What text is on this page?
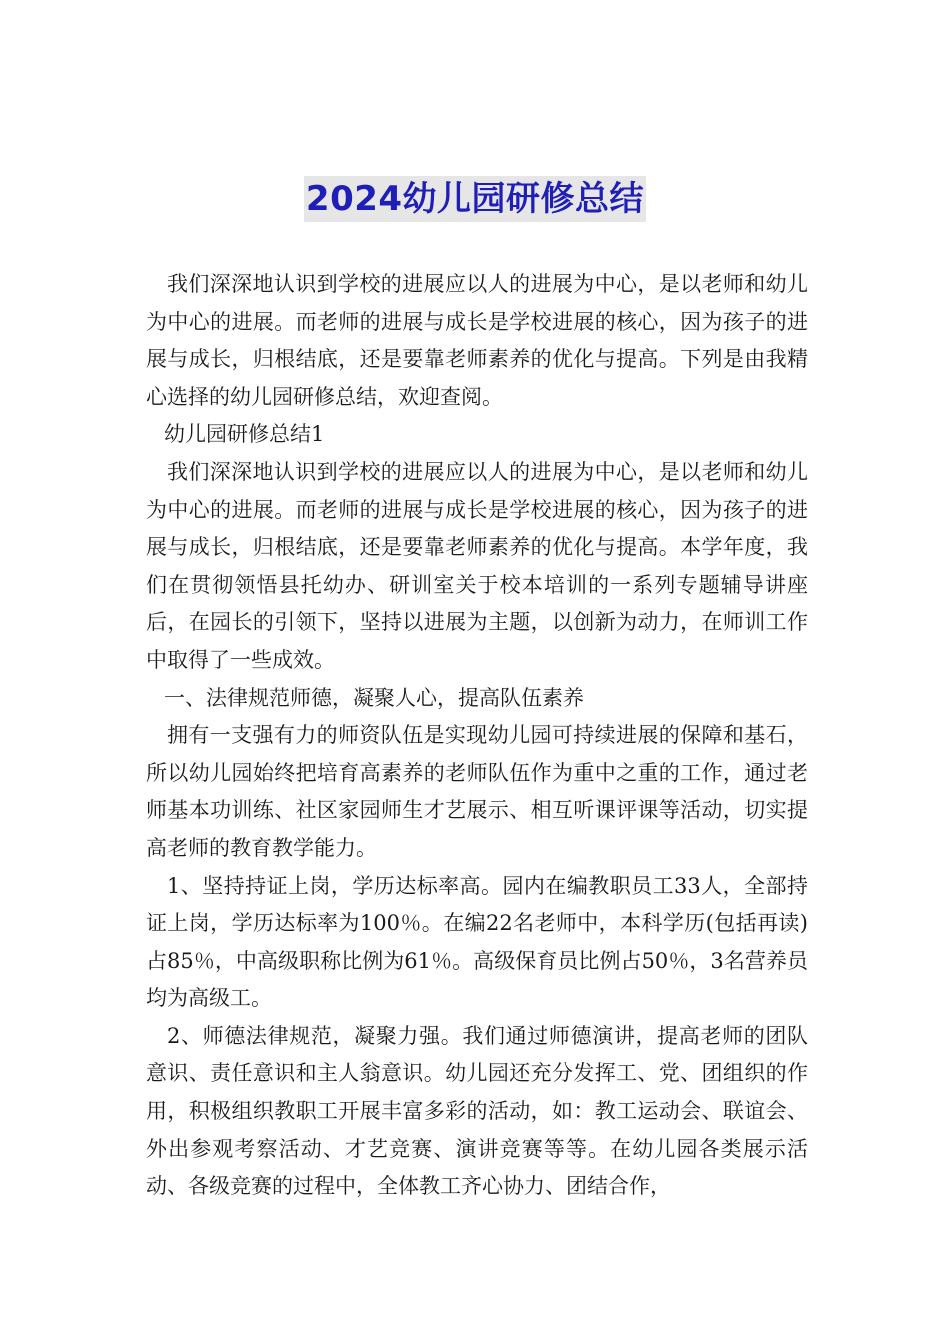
2024幼儿园研修总结

我们深深地认识到学校的进展应以人的进展为中心，是以老师和幼儿为中心的进展。而老师的进展与成长是学校进展的核心，因为孩子的进展与成长，归根结底，还是要靠老师素养的优化与提高。下列是由我精心选择的幼儿园研修总结，欢迎查阅。

幼儿园研修总结1

我们深深地认识到学校的进展应以人的进展为中心，是以老师和幼儿为中心的进展。而老师的进展与成长是学校进展的核心，因为孩子的进展与成长，归根结底，还是要靠老师素养的优化与提高。本学年度，我们在贯彻领悟县托幼办、研训室关于校本培训的一系列专题辅导讲座后，在园长的引领下，坚持以进展为主题，以创新为动力，在师训工作中取得了一些成效。

一、法律规范师德，凝聚人心，提高队伍素养

拥有一支强有力的师资队伍是实现幼儿园可持续进展的保障和基石，所以幼儿园始终把培育高素养的老师队伍作为重中之重的工作，通过老师基本功训练、社区家园师生才艺展示、相互听课评课等活动，切实提高老师的教育教学能力。

1、坚持持证上岗，学历达标率高。园内在编教职员工33人，全部持证上岗，学历达标率为100％。在编22名老师中，本科学历(包括再读)占85％，中高级职称比例为61％。高级保育员比例占50％，3名营养员均为高级工。

2、师德法律规范，凝聚力强。我们通过师德演讲，提高老师的团队意识、责任意识和主人翁意识。幼儿园还充分发挥工、党、团组织的作用，积极组织教职工开展丰富多彩的活动，如：教工运动会、联谊会、外出参观考察活动、才艺竞赛、演讲竞赛等等。在幼儿园各类展示活动、各级竞赛的过程中，全体教工齐心协力、团结合作，
